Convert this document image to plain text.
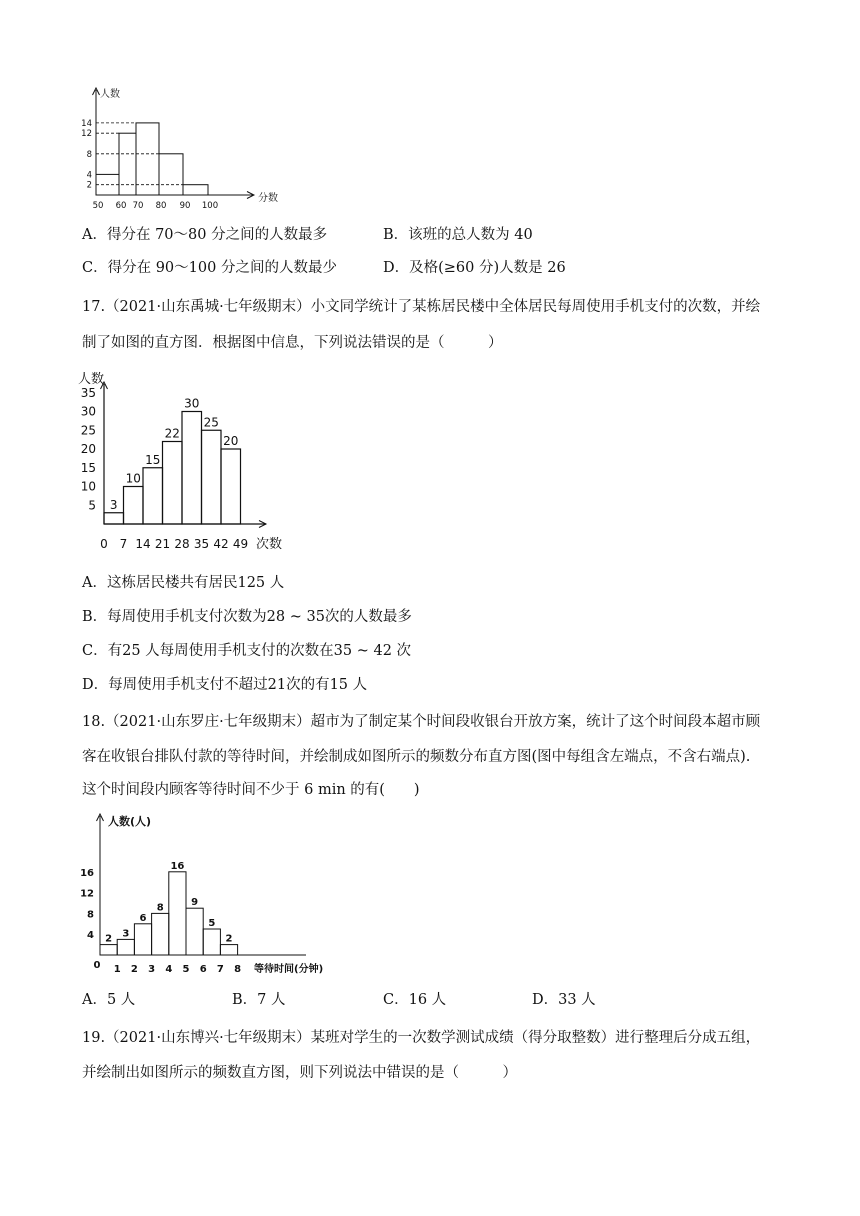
人数
分数
50 60 70 80 90 100
2
4
8
12
14
A．得分在 70～80 分之间的人数最多	B．该班的总人数为 40
C．得分在 90～100 分之间的人数最少	D．及格(≥60 分)人数是 26
17.（2021·山东禹城·七年级期末）小文同学统计了某栋居民楼中全体居民每周使用手机支付的次数，并绘
制了如图的直方图．根据图中信息，下列说法错误的是（　　　）
人数
次数
0 7 14 21 28 35 42 49
5
10
15
20
25
30
35
3
10
15
22
30
25
20
A．这栋居民楼共有居民125 人
B．每周使用手机支付次数为28 ~ 35次的人数最多
C．有25 人每周使用手机支付的次数在35 ~ 42 次
D．每周使用手机支付不超过21次的有15 人
18.（2021·山东罗庄·七年级期末）超市为了制定某个时间段收银台开放方案，统计了这个时间段本超市顾
客在收银台排队付款的等待时间，并绘制成如图所示的频数分布直方图(图中每组含左端点，不含右端点).
这个时间段内顾客等待时间不少于 6 min 的有(　　)
人数(人)
等待时间(分钟)
0 1 2 3 4 5 6 7 8
4
8
12
16
2 3
6
8
16
9
5
2
A．5 人	B．7 人	C．16 人	D．33 人
19.（2021·山东博兴·七年级期末）某班对学生的一次数学测试成绩（得分取整数）进行整理后分成五组，
并绘制出如图所示的频数直方图，则下列说法中错误的是（　　　）
